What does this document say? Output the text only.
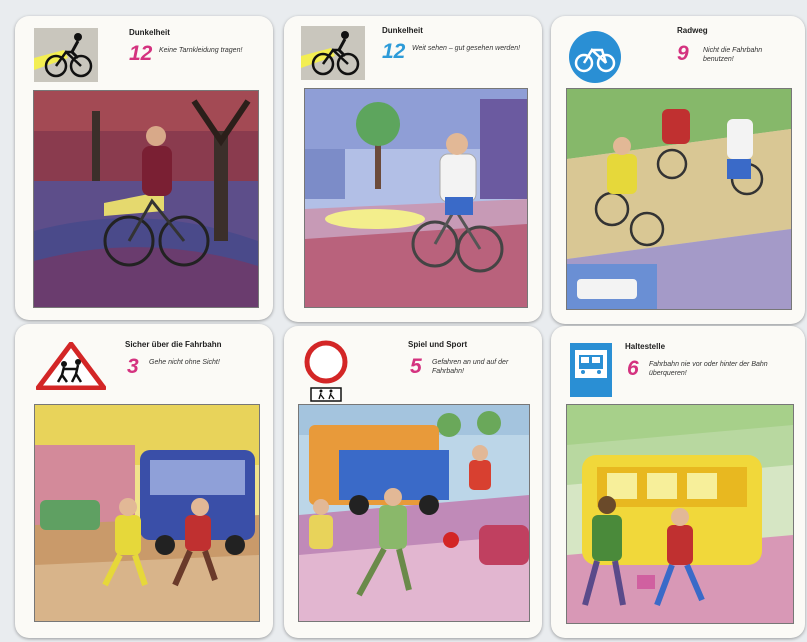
Dunkelheit
12 Keine Tarnkleidung tragen!
Dunkelheit
12 Weit sehen – gut gesehen werden!
Radweg
9 Nicht die Fahrbahn benutzen!
Sicher über die Fahrbahn
3 Gehe nicht ohne Sicht!
Spiel und Sport
5 Gefahren an und auf der Fahrbahn!
Haltestelle
6 Fahrbahn nie vor oder hinter der Bahn überqueren!
